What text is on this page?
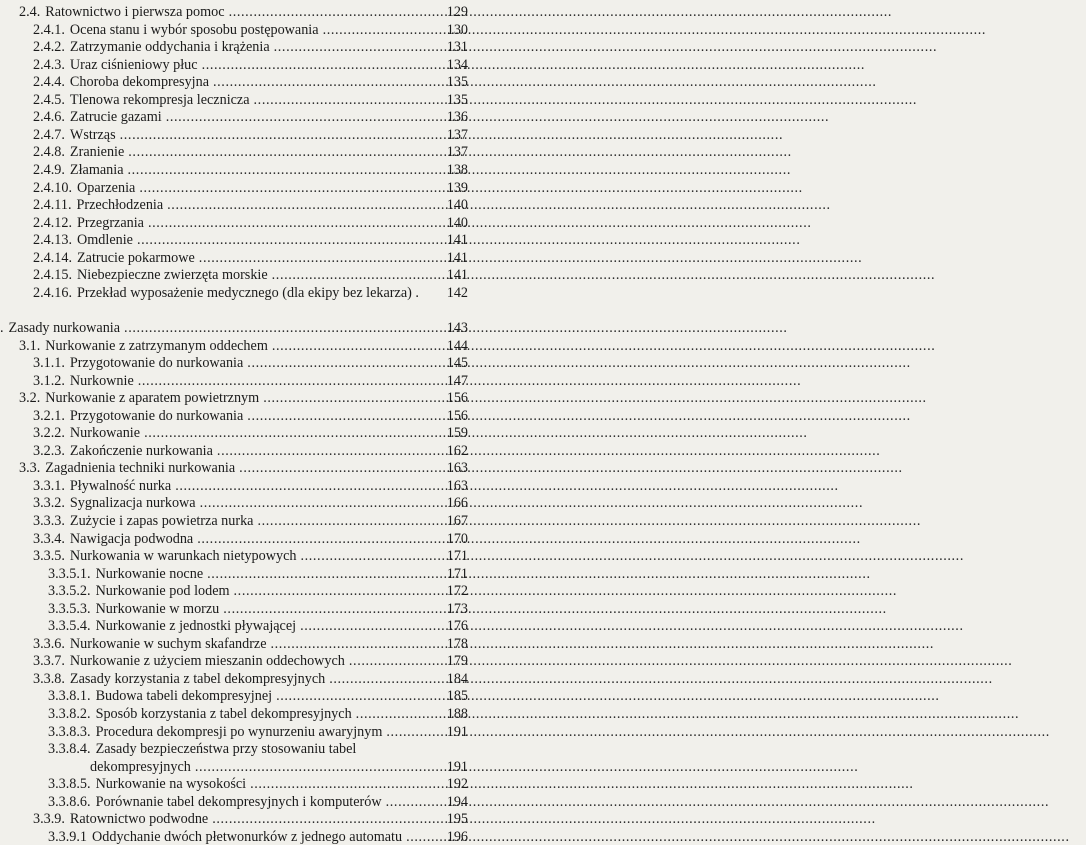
2.4. Ratownictwo i pierwsza pomoc .....	129
2.4.1. Ocena stanu i wybór sposobu postępowania .....	130
2.4.2. Zatrzymanie oddychania i krążenia .....	131
2.4.3. Uraz ciśnieniowy płuc .....	134
2.4.4. Choroba dekompresyjna .....	135
2.4.5. Tlenowa rekompresja lecznicza .....	135
2.4.6. Zatrucie gazami .....	136
2.4.7. Wstrząs .....	137
2.4.8. Zranienie .....	137
2.4.9. Złamania .....	138
2.4.10. Oparzenia .....	139
2.4.11. Przechłodzenia .....	140
2.4.12. Przegrzania .....	140
2.4.13. Omdlenie .....	141
2.4.14. Zatrucie pokarmowe .....	141
2.4.15. Niebezpieczne zwierzęta morskie .....	141
2.4.16. Przekład wyposażenie medycznego (dla ekipy bez lekarza) . 142
. Zasady nurkowania .....	143
3.1. Nurkowanie z zatrzymanym oddechem .....	144
3.1.1. Przygotowanie do nurkowania .....	145
3.1.2. Nurkownie .....	147
3.2. Nurkowanie z aparatem powietrznym .....	156
3.2.1. Przygotowanie do nurkowania .....	156
3.2.2. Nurkowanie .....	159
3.2.3. Zakończenie nurkowania .....	162
3.3. Zagadnienia techniki nurkowania .....	163
3.3.1. Pływalność nurka .....	163
3.3.2. Sygnalizacja nurkowa .....	166
3.3.3. Zużycie i zapas powietrza nurka .....	167
3.3.4. Nawigacja podwodna .....	170
3.3.5. Nurkowania w warunkach nietypowych .....	171
3.3.5.1. Nurkowanie nocne .....	171
3.3.5.2. Nurkowanie pod lodem .....	172
3.3.5.3. Nurkowanie w morzu .....	173
3.3.5.4. Nurkowanie z jednostki pływającej .....	176
3.3.6. Nurkowanie w suchym skafandrze .....	178
3.3.7. Nurkowanie z użyciem mieszanin oddechowych .....	179
3.3.8. Zasady korzystania z tabel dekompresyjnych .....	184
3.3.8.1. Budowa tabeli dekompresyjnej .....	185
3.3.8.2. Sposób korzystania z tabel dekompresyjnych .....	188
3.3.8.3. Procedura dekompresji po wynurzeniu awaryjnym .....	191
3.3.8.4. Zasady bezpieczeństwa przy stosowaniu tabel
dekompresyjnych .....	191
3.3.8.5. Nurkowanie na wysokości .....	192
3.3.8.6. Porównanie tabel dekompresyjnych i komputerów .....	194
3.3.9. Ratownictwo podwodne .....	195
3.3.9.1 Oddychanie dwóch płetwonurków z jednego automatu .....	196
